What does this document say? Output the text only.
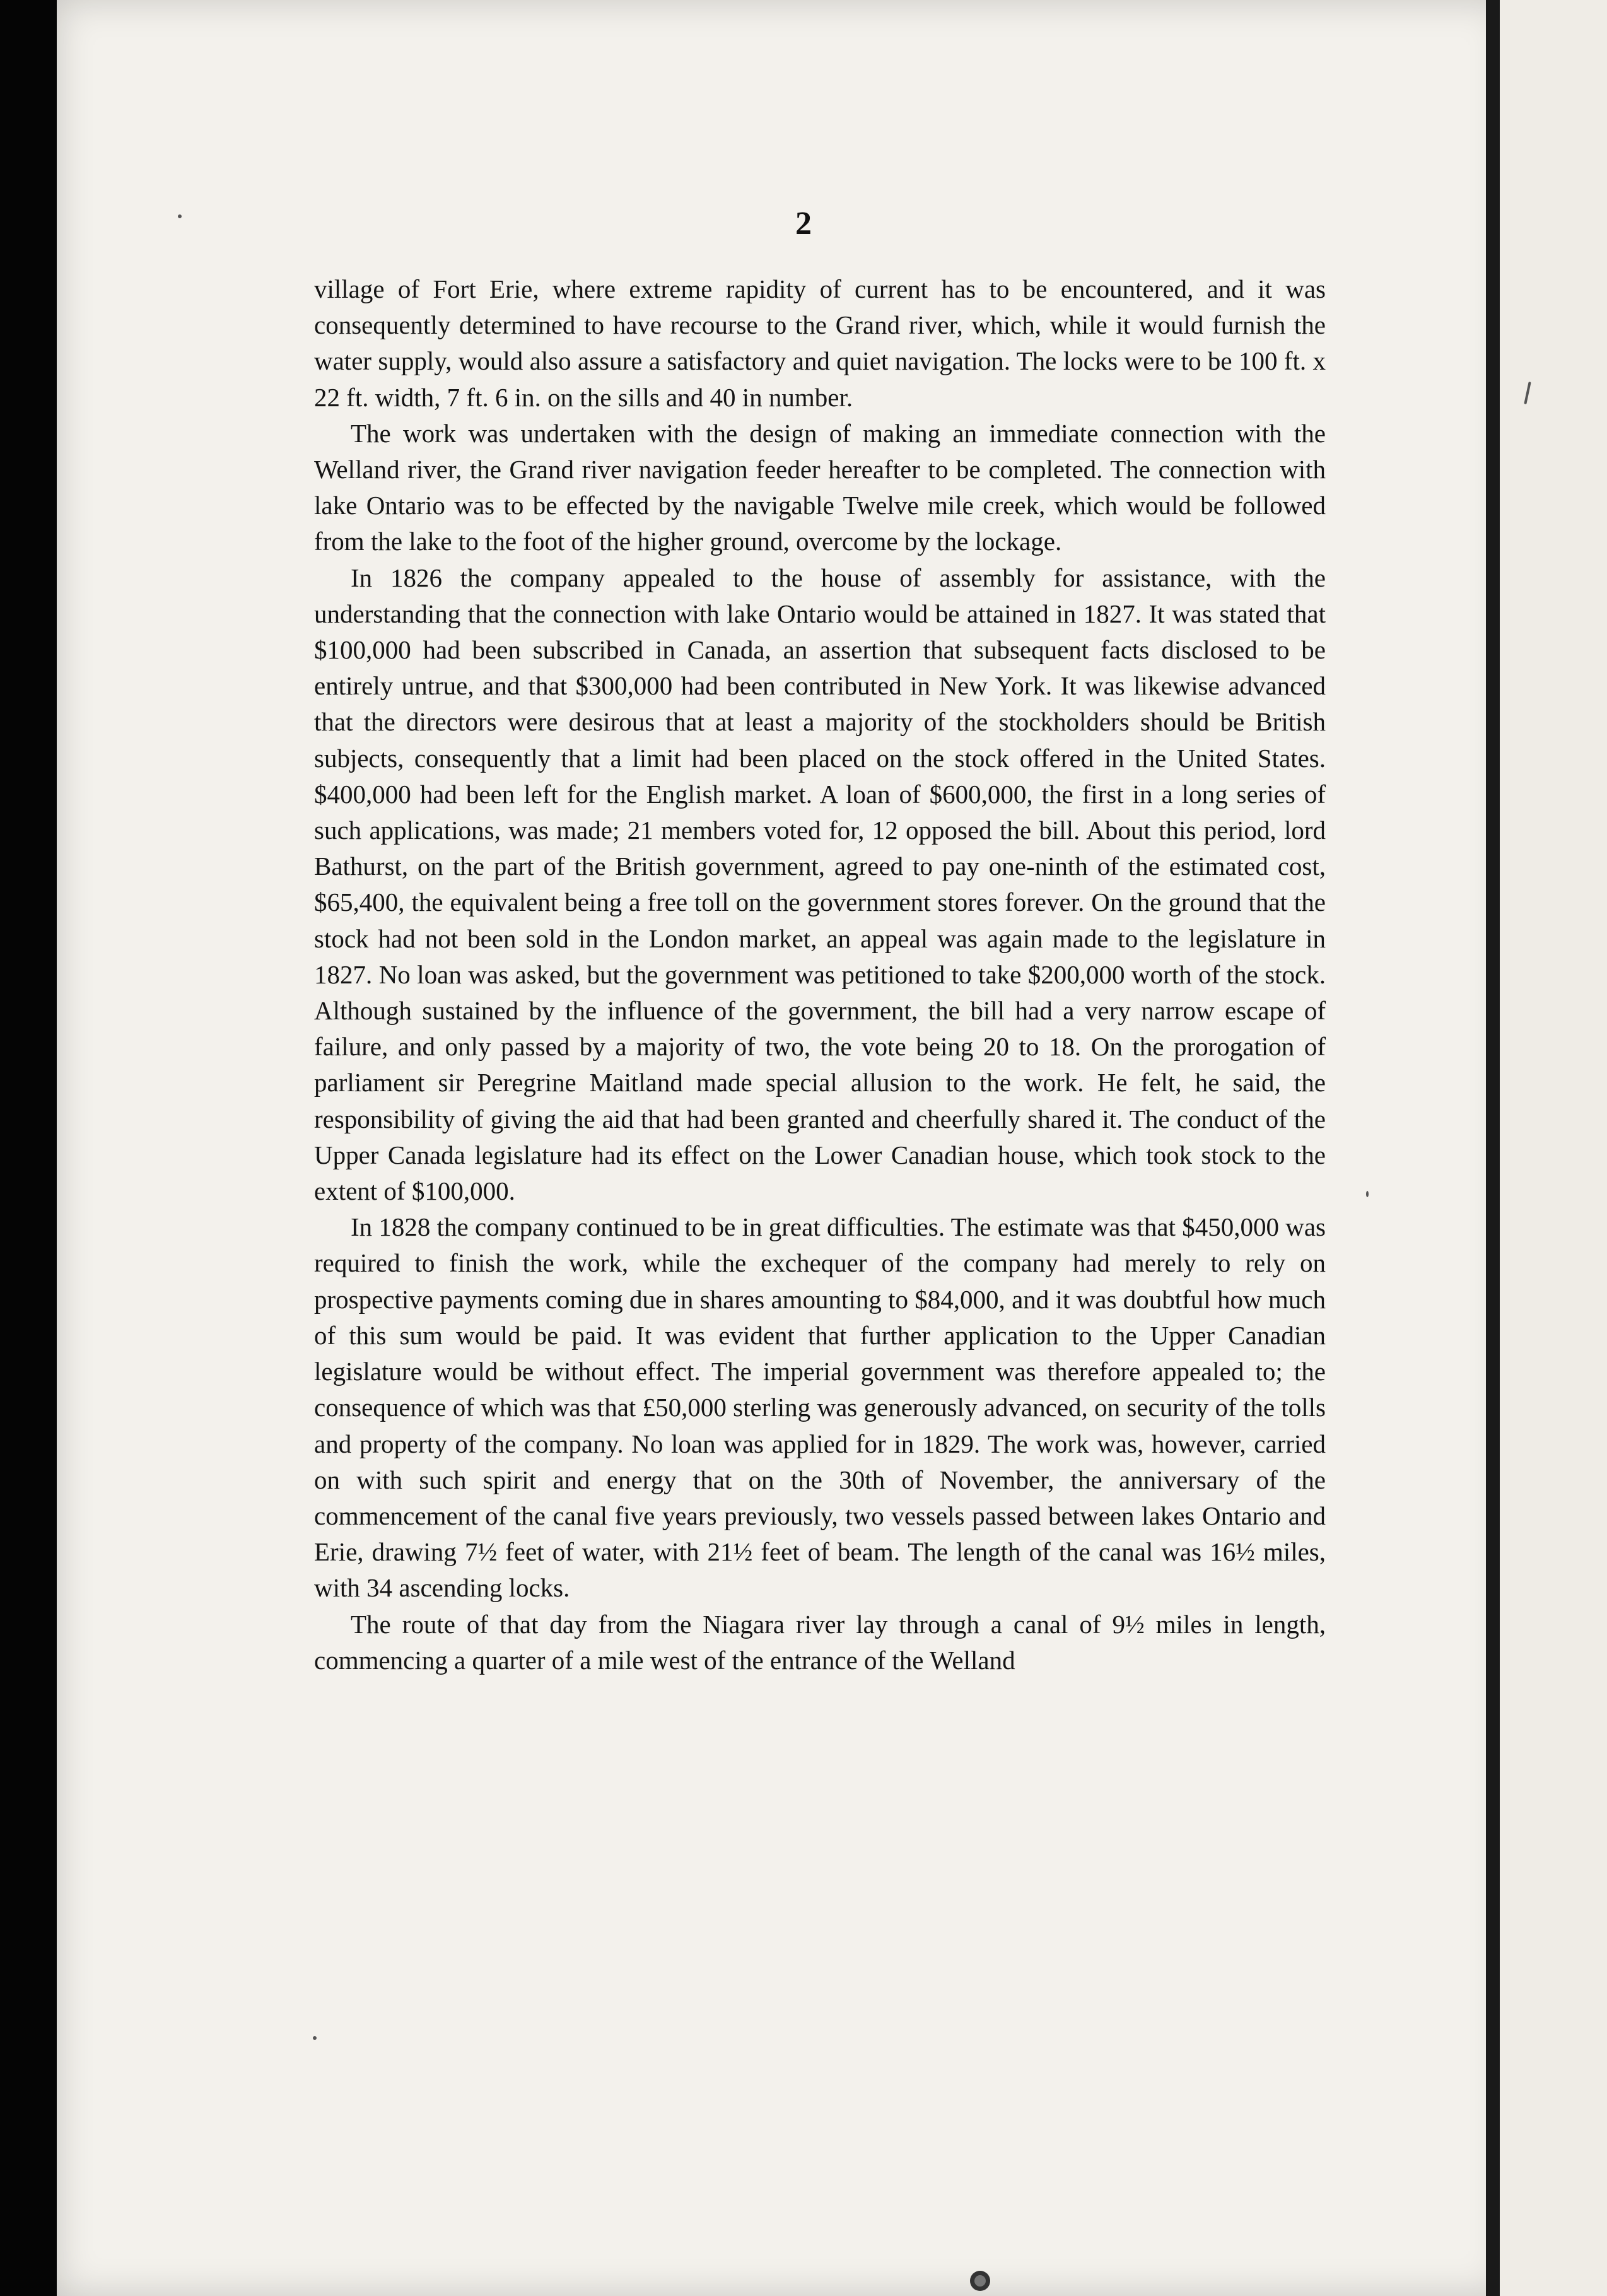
2

village of Fort Erie, where extreme rapidity of current has to be encountered, and it was consequently determined to have recourse to the Grand river, which, while it would furnish the water supply, would also assure a satisfactory and quiet navigation. The locks were to be 100 ft. x 22 ft. width, 7 ft. 6 in. on the sills and 40 in number.

The work was undertaken with the design of making an immediate connection with the Welland river, the Grand river navigation feeder hereafter to be completed. The connection with lake Ontario was to be effected by the navigable Twelve mile creek, which would be followed from the lake to the foot of the higher ground, overcome by the lockage.

In 1826 the company appealed to the house of assembly for assistance, with the understanding that the connection with lake Ontario would be attained in 1827. It was stated that $100,000 had been subscribed in Canada, an assertion that subsequent facts disclosed to be entirely untrue, and that $300,000 had been contributed in New York. It was likewise advanced that the directors were desirous that at least a majority of the stockholders should be British subjects, consequently that a limit had been placed on the stock offered in the United States. $400,000 had been left for the English market. A loan of $600,000, the first in a long series of such applications, was made; 21 members voted for, 12 opposed the bill. About this period, lord Bathurst, on the part of the British government, agreed to pay one-ninth of the estimated cost, $65,400, the equivalent being a free toll on the government stores forever. On the ground that the stock had not been sold in the London market, an appeal was again made to the legislature in 1827. No loan was asked, but the government was petitioned to take $200,000 worth of the stock. Although sustained by the influence of the government, the bill had a very narrow escape of failure, and only passed by a majority of two, the vote being 20 to 18. On the prorogation of parliament sir Peregrine Maitland made special allusion to the work. He felt, he said, the responsibility of giving the aid that had been granted and cheerfully shared it. The conduct of the Upper Canada legislature had its effect on the Lower Canadian house, which took stock to the extent of $100,000.

In 1828 the company continued to be in great difficulties. The estimate was that $450,000 was required to finish the work, while the exchequer of the company had merely to rely on prospective payments coming due in shares amounting to $84,000, and it was doubtful how much of this sum would be paid. It was evident that further application to the Upper Canadian legislature would be without effect. The imperial government was therefore appealed to; the consequence of which was that £50,000 sterling was generously advanced, on security of the tolls and property of the company. No loan was applied for in 1829. The work was, however, carried on with such spirit and energy that on the 30th of November, the anniversary of the commencement of the canal five years previously, two vessels passed between lakes Ontario and Erie, drawing 7½ feet of water, with 21½ feet of beam. The length of the canal was 16½ miles, with 34 ascending locks.

The route of that day from the Niagara river lay through a canal of 9½ miles in length, commencing a quarter of a mile west of the entrance of the Welland
